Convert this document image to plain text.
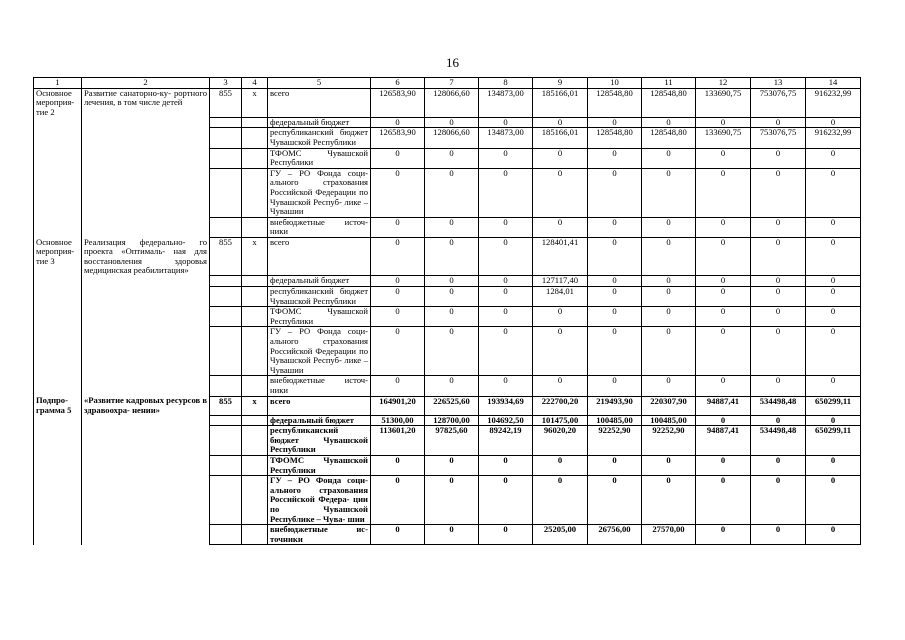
16
1	2	3	4	5	6	7	8	9	10	11	12	13	14
Основное мероприя- тие 2	Развитие санаторно-ку- рортного лечения, в том числе детей	855	x	всего	126583,90	128066,60	134873,00	185166,01	128548,80	128548,80	133690,75	753076,75	916232,99
				федеральный бюджет	0	0	0	0	0	0	0	0	0
				республиканский бюджет Чувашской Республики	126583,90	128066,60	134873,00	185166,01	128548,80	128548,80	133690,75	753076,75	916232,99
				ТФОМС Чувашской Республики	0	0	0	0	0	0	0	0	0
				ГУ – РО Фонда соци- ального страхования Российской Федерации по Чувашской Респуб- лике – Чувашии	0	0	0	0	0	0	0	0	0
				внебюджетные источ- ники	0	0	0	0	0	0	0	0	0
Основное мероприя- тие 3	Реализация федерально- го проекта «Оптималь- ная для восстановления здоровья медицинская реабилитация»	855	x	всего	0	0	0	128401,41	0	0	0	0	0
				федеральный бюджет	0	0	0	127117,40	0	0	0	0	0
				республиканский бюджет Чувашской Республики	0	0	0	1284,01	0	0	0	0	0
				ТФОМС Чувашской Республики	0	0	0	0	0	0	0	0	0
				ГУ – РО Фонда соци- ального страхования Российской Федерации по Чувашской Респуб- лике – Чувашии	0	0	0	0	0	0	0	0	0
				внебюджетные источ- ники	0	0	0	0	0	0	0	0	0
Подпро- грамма 5	«Развитие кадровых ресурсов в здравоохра- нении»	855	x	всего	164901,20	226525,60	193934,69	222700,20	219493,90	220307,90	94887,41	534498,48	650299,11
				федеральный бюджет	51300,00	128700,00	104692,50	101475,00	100485,00	100485,00	0	0	0
				республиканский бюджет Чувашской Республики	113601,20	97825,60	89242,19	96020,20	92252,90	92252,90	94887,41	534498,48	650299,11
				ТФОМС Чувашской Республики	0	0	0	0	0	0	0	0	0
				ГУ – РО Фонда соци- ального страхования Российской Федера- ции по Чувашской Республике – Чува- шии	0	0	0	0	0	0	0	0	0
				внебюджетные ис- точники	0	0	0	25205,00	26756,00	27570,00	0	0	0
